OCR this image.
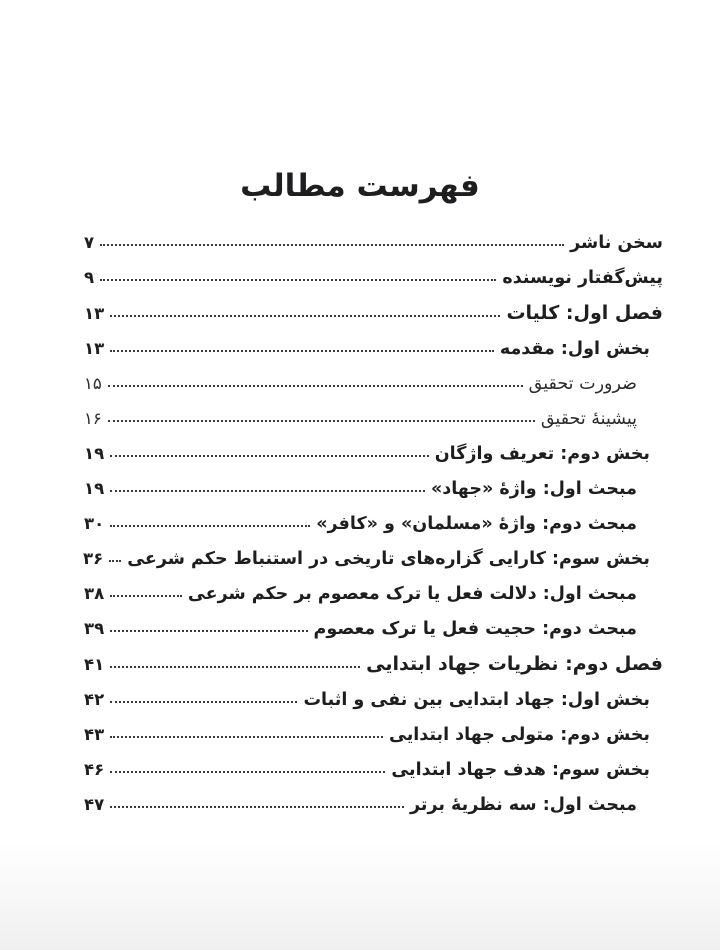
فهرست مطالب
سخن ناشر
۷
پیش‌گفتار نویسنده
۹
فصل اول: کلیات
۱۳
بخش اول: مقدمه
۱۳
ضرورت تحقیق
۱۵
پیشینهٔ تحقیق
۱۶
بخش دوم: تعریف واژگان
۱۹
مبحث اول: واژهٔ «جهاد»
۱۹
مبحث دوم: واژهٔ «مسلمان» و «کافر»
۳۰
بخش سوم: کارایی گزاره‌های تاریخی در استنباط حکم شرعی
۳۶
مبحث اول: دلالت فعل یا ترک معصوم بر حکم شرعی
۳۸
مبحث دوم: حجیت فعل یا ترک معصوم
۳۹
فصل دوم: نظریات جهاد ابتدایی
۴۱
بخش اول: جهاد ابتدایی بین نفی و اثبات
۴۲
بخش دوم: متولی جهاد ابتدایی
۴۳
بخش سوم: هدف جهاد ابتدایی
۴۶
مبحث اول: سه نظریهٔ برتر
۴۷
